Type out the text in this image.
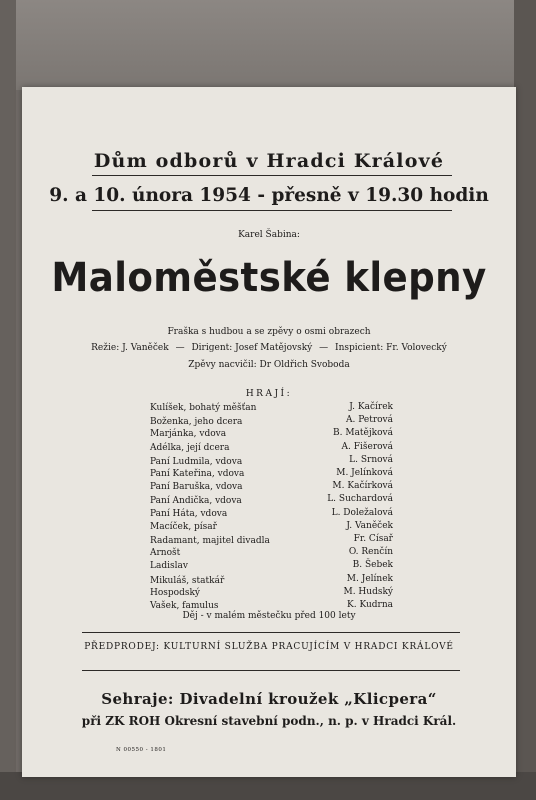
Dům odborů v Hradci Králové
9. a 10. února 1954 - přesně v 19.30 hodin
Karel Šabina:
Maloměstské klepny
Fraška s hudbou a se zpěvy o osmi obrazech
Režie: J. Vaněček — Dirigent: Josef Matějovský — Inspicient: Fr. Volovecký
Zpěvy nacvičil: Dr Oldřich Svoboda
HRAJÍ:
Kulíšek, bohatý měšťan	J. Kačírek
Boženka, jeho dcera	A. Petrová
Marjánka, vdova	B. Matějková
Adélka, její dcera	A. Fišerová
Paní Ludmila, vdova	L. Srnová
Paní Kateřina, vdova	M. Jelínková
Paní Baruška, vdova	M. Kačírková
Paní Andička, vdova	L. Suchardová
Paní Háta, vdova	L. Doležalová
Macíček, písař	J. Vaněček
Radamant, majitel divadla	Fr. Císař
Arnošt	O. Renčín
Ladislav	B. Šebek
Mikuláš, statkář	M. Jelínek
Hospodský	M. Hudský
Vašek, famulus	K. Kudrna
Děj - v malém městečku před 100 lety
PŘEDPRODEJ: KULTURNÍ SLUŽBA PRACUJÍCÍM V HRADCI KRÁLOVÉ
Sehraje: Divadelní kroužek „Klicpera“
při ZK ROH Okresní stavební podn., n. p. v Hradci Král.
N 00550 - 1801
